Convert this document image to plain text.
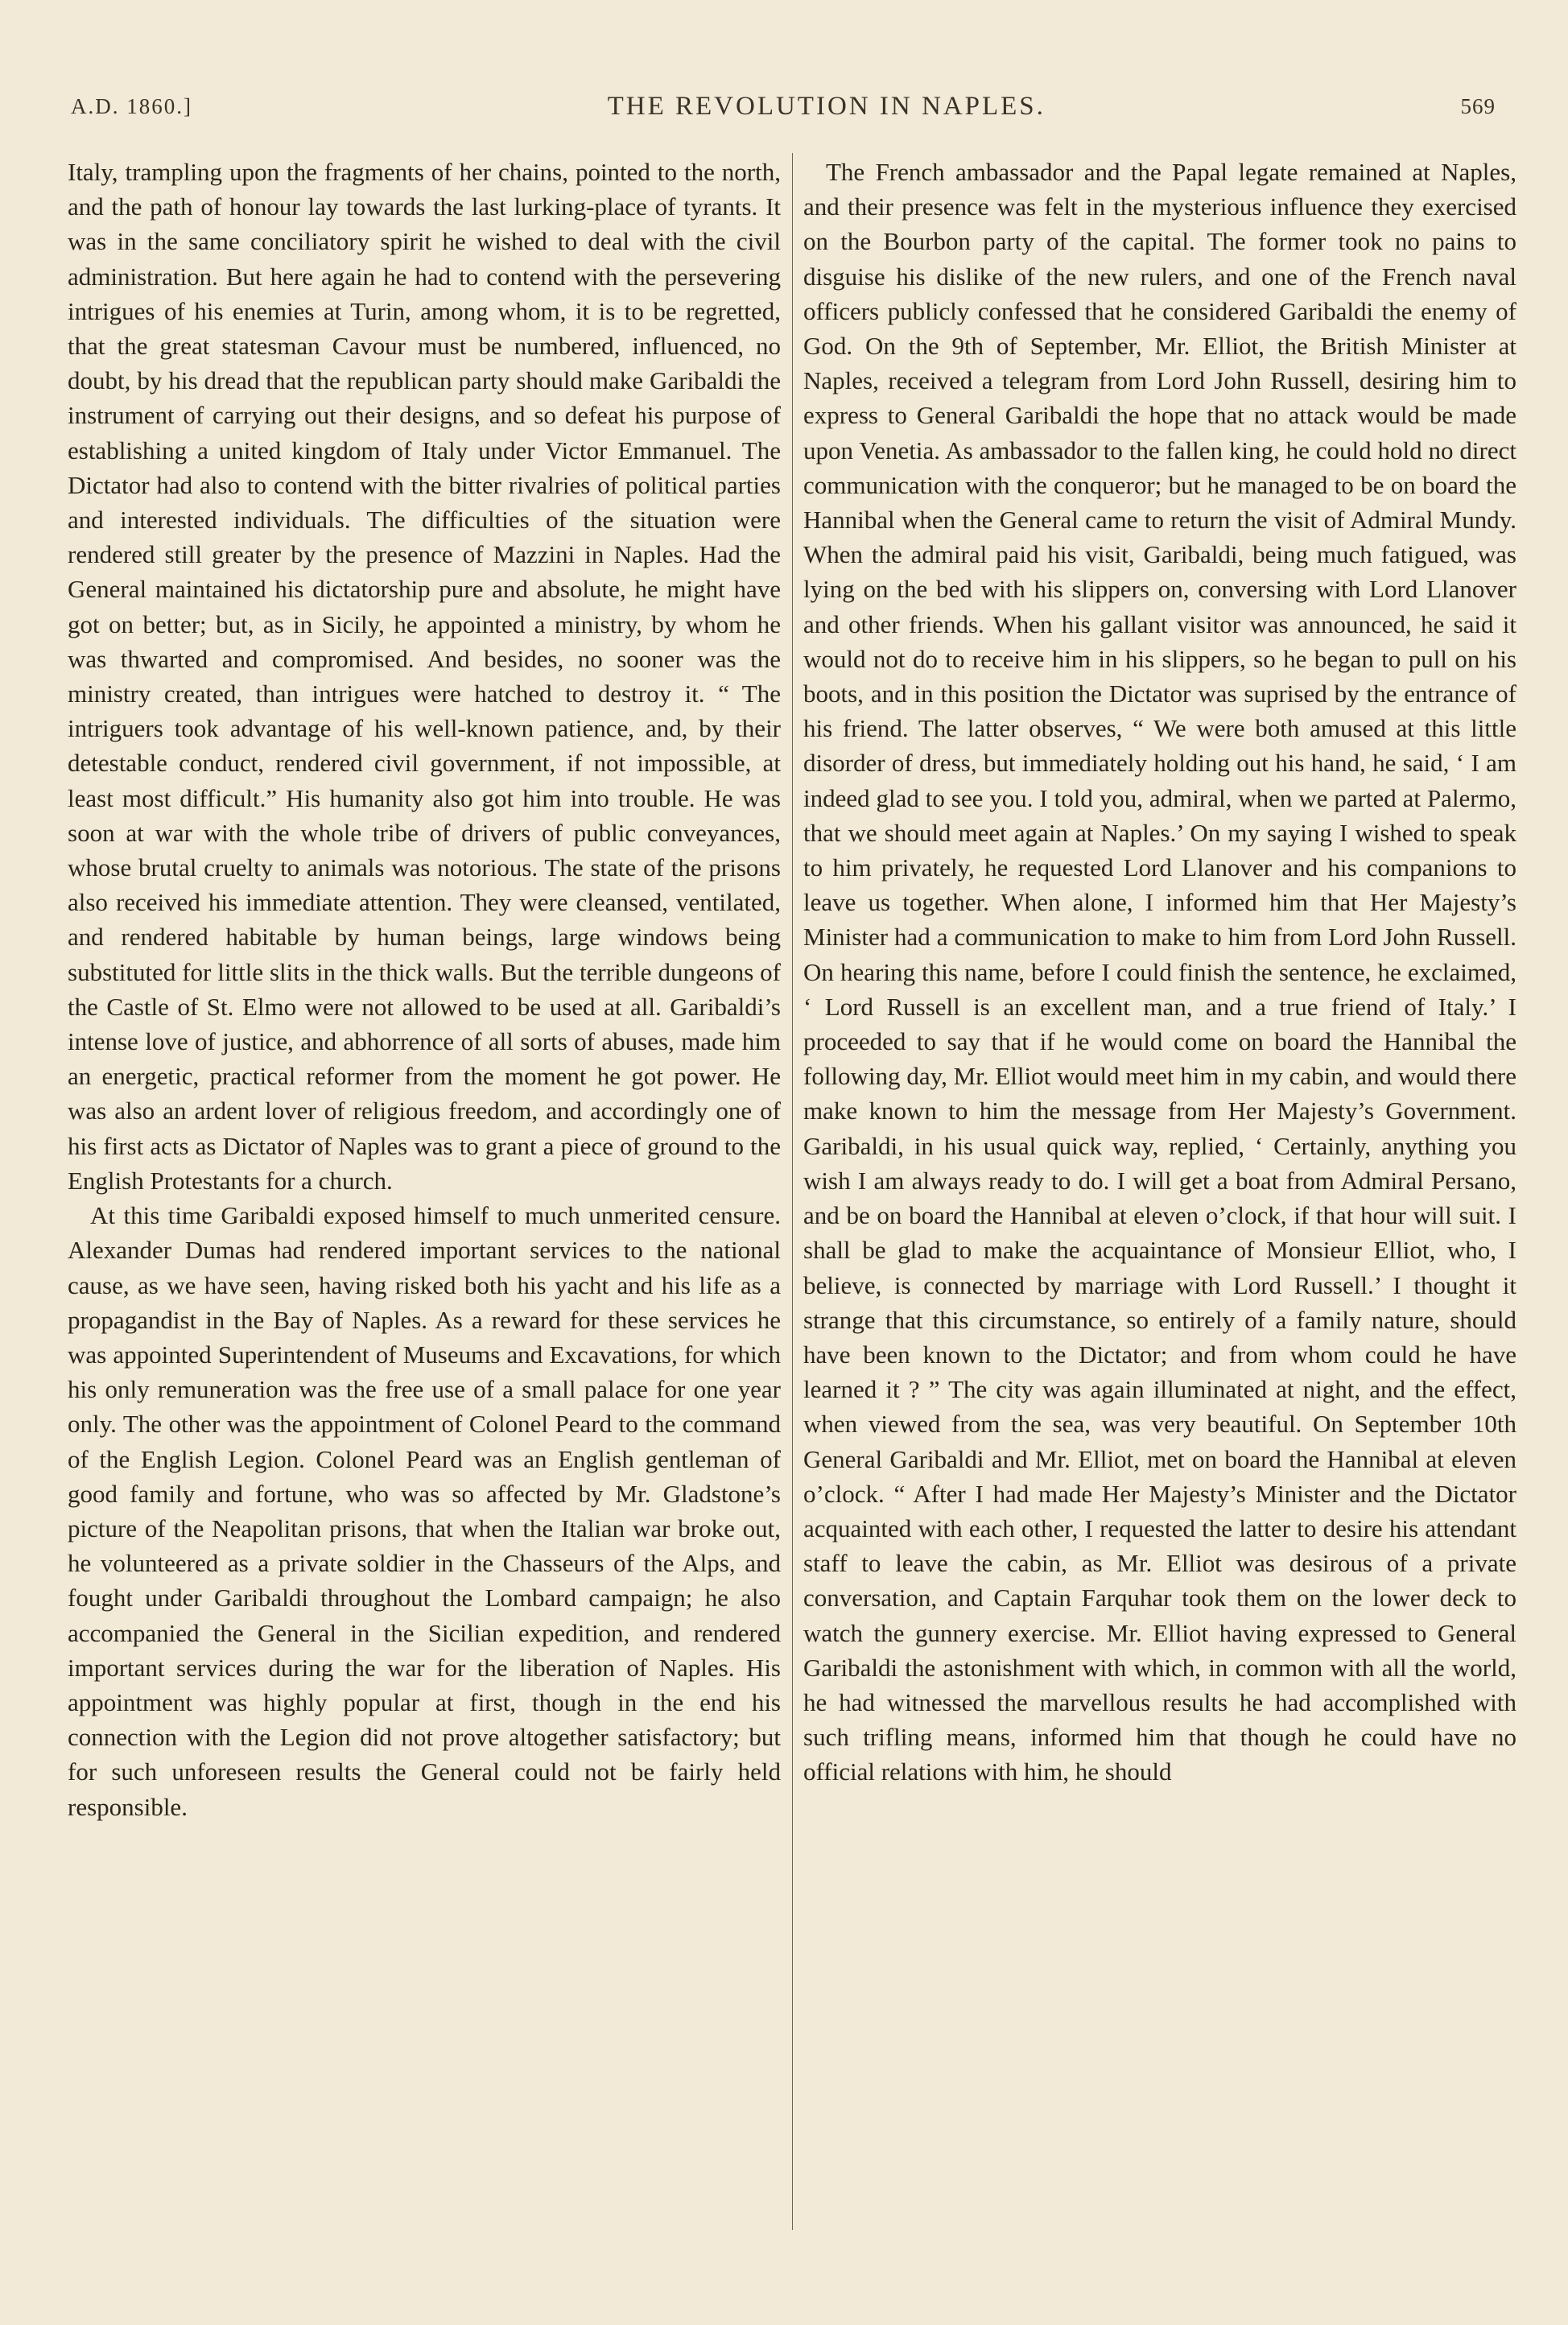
A.D. 1860.]	THE REVOLUTION IN NAPLES.	569

Italy, trampling upon the fragments of her chains, pointed to the north, and the path of honour lay towards the last lurking-place of tyrants. It was in the same conciliatory spirit he wished to deal with the civil administration. But here again he had to contend with the persevering intrigues of his enemies at Turin, among whom, it is to be regretted, that the great statesman Cavour must be numbered, influenced, no doubt, by his dread that the republican party should make Garibaldi the instrument of carrying out their designs, and so defeat his purpose of establishing a united kingdom of Italy under Victor Emmanuel. The Dictator had also to contend with the bitter rivalries of political parties and interested individuals. The difficulties of the situation were rendered still greater by the presence of Mazzini in Naples. Had the General maintained his dictatorship pure and absolute, he might have got on better; but, as in Sicily, he appointed a ministry, by whom he was thwarted and compromised. And besides, no sooner was the ministry created, than intrigues were hatched to destroy it. “ The intriguers took advantage of his well-known patience, and, by their detestable conduct, rendered civil government, if not impossible, at least most difficult.” His humanity also got him into trouble. He was soon at war with the whole tribe of drivers of public conveyances, whose brutal cruelty to animals was notorious. The state of the prisons also received his immediate attention. They were cleansed, ventilated, and rendered habitable by human beings, large windows being substituted for little slits in the thick walls. But the terrible dungeons of the Castle of St. Elmo were not allowed to be used at all. Garibaldi’s intense love of justice, and abhorrence of all sorts of abuses, made him an energetic, practical reformer from the moment he got power. He was also an ardent lover of religious freedom, and accordingly one of his first acts as Dictator of Naples was to grant a piece of ground to the English Protestants for a church.

At this time Garibaldi exposed himself to much unmerited censure. Alexander Dumas had rendered important services to the national cause, as we have seen, having risked both his yacht and his life as a propagandist in the Bay of Naples. As a reward for these services he was appointed Superintendent of Museums and Excavations, for which his only remuneration was the free use of a small palace for one year only. The other was the appointment of Colonel Peard to the command of the English Legion. Colonel Peard was an English gentleman of good family and fortune, who was so affected by Mr. Gladstone’s picture of the Neapolitan prisons, that when the Italian war broke out, he volunteered as a private soldier in the Chasseurs of the Alps, and fought under Garibaldi throughout the Lombard campaign; he also accompanied the General in the Sicilian expedition, and rendered important services during the war for the liberation of Naples. His appointment was highly popular at first, though in the end his connection with the Legion did not prove altogether satisfactory; but for such unforeseen results the General could not be fairly held responsible.

The French ambassador and the Papal legate remained at Naples, and their presence was felt in the mysterious influence they exercised on the Bourbon party of the capital. The former took no pains to disguise his dislike of the new rulers, and one of the French naval officers publicly confessed that he considered Garibaldi the enemy of God. On the 9th of September, Mr. Elliot, the British Minister at Naples, received a telegram from Lord John Russell, desiring him to express to General Garibaldi the hope that no attack would be made upon Venetia. As ambassador to the fallen king, he could hold no direct communication with the conqueror; but he managed to be on board the Hannibal when the General came to return the visit of Admiral Mundy. When the admiral paid his visit, Garibaldi, being much fatigued, was lying on the bed with his slippers on, conversing with Lord Llanover and other friends. When his gallant visitor was announced, he said it would not do to receive him in his slippers, so he began to pull on his boots, and in this position the Dictator was suprised by the entrance of his friend. The latter observes, “ We were both amused at this little disorder of dress, but immediately holding out his hand, he said, ‘ I am indeed glad to see you. I told you, admiral, when we parted at Palermo, that we should meet again at Naples.’ On my saying I wished to speak to him privately, he requested Lord Llanover and his companions to leave us together. When alone, I informed him that Her Majesty’s Minister had a communication to make to him from Lord John Russell. On hearing this name, before I could finish the sentence, he exclaimed, ‘ Lord Russell is an excellent man, and a true friend of Italy.’ I proceeded to say that if he would come on board the Hannibal the following day, Mr. Elliot would meet him in my cabin, and would there make known to him the message from Her Majesty’s Government. Garibaldi, in his usual quick way, replied, ‘ Certainly, anything you wish I am always ready to do. I will get a boat from Admiral Persano, and be on board the Hannibal at eleven o’clock, if that hour will suit. I shall be glad to make the acquaintance of Monsieur Elliot, who, I believe, is connected by marriage with Lord Russell.’ I thought it strange that this circumstance, so entirely of a family nature, should have been known to the Dictator; and from whom could he have learned it ? ” The city was again illuminated at night, and the effect, when viewed from the sea, was very beautiful. On September 10th General Garibaldi and Mr. Elliot, met on board the Hannibal at eleven o’clock. “ After I had made Her Majesty’s Minister and the Dictator acquainted with each other, I requested the latter to desire his attendant staff to leave the cabin, as Mr. Elliot was desirous of a private conversation, and Captain Farquhar took them on the lower deck to watch the gunnery exercise. Mr. Elliot having expressed to General Garibaldi the astonishment with which, in common with all the world, he had witnessed the marvellous results he had accomplished with such trifling means, informed him that though he could have no official relations with him, he should
